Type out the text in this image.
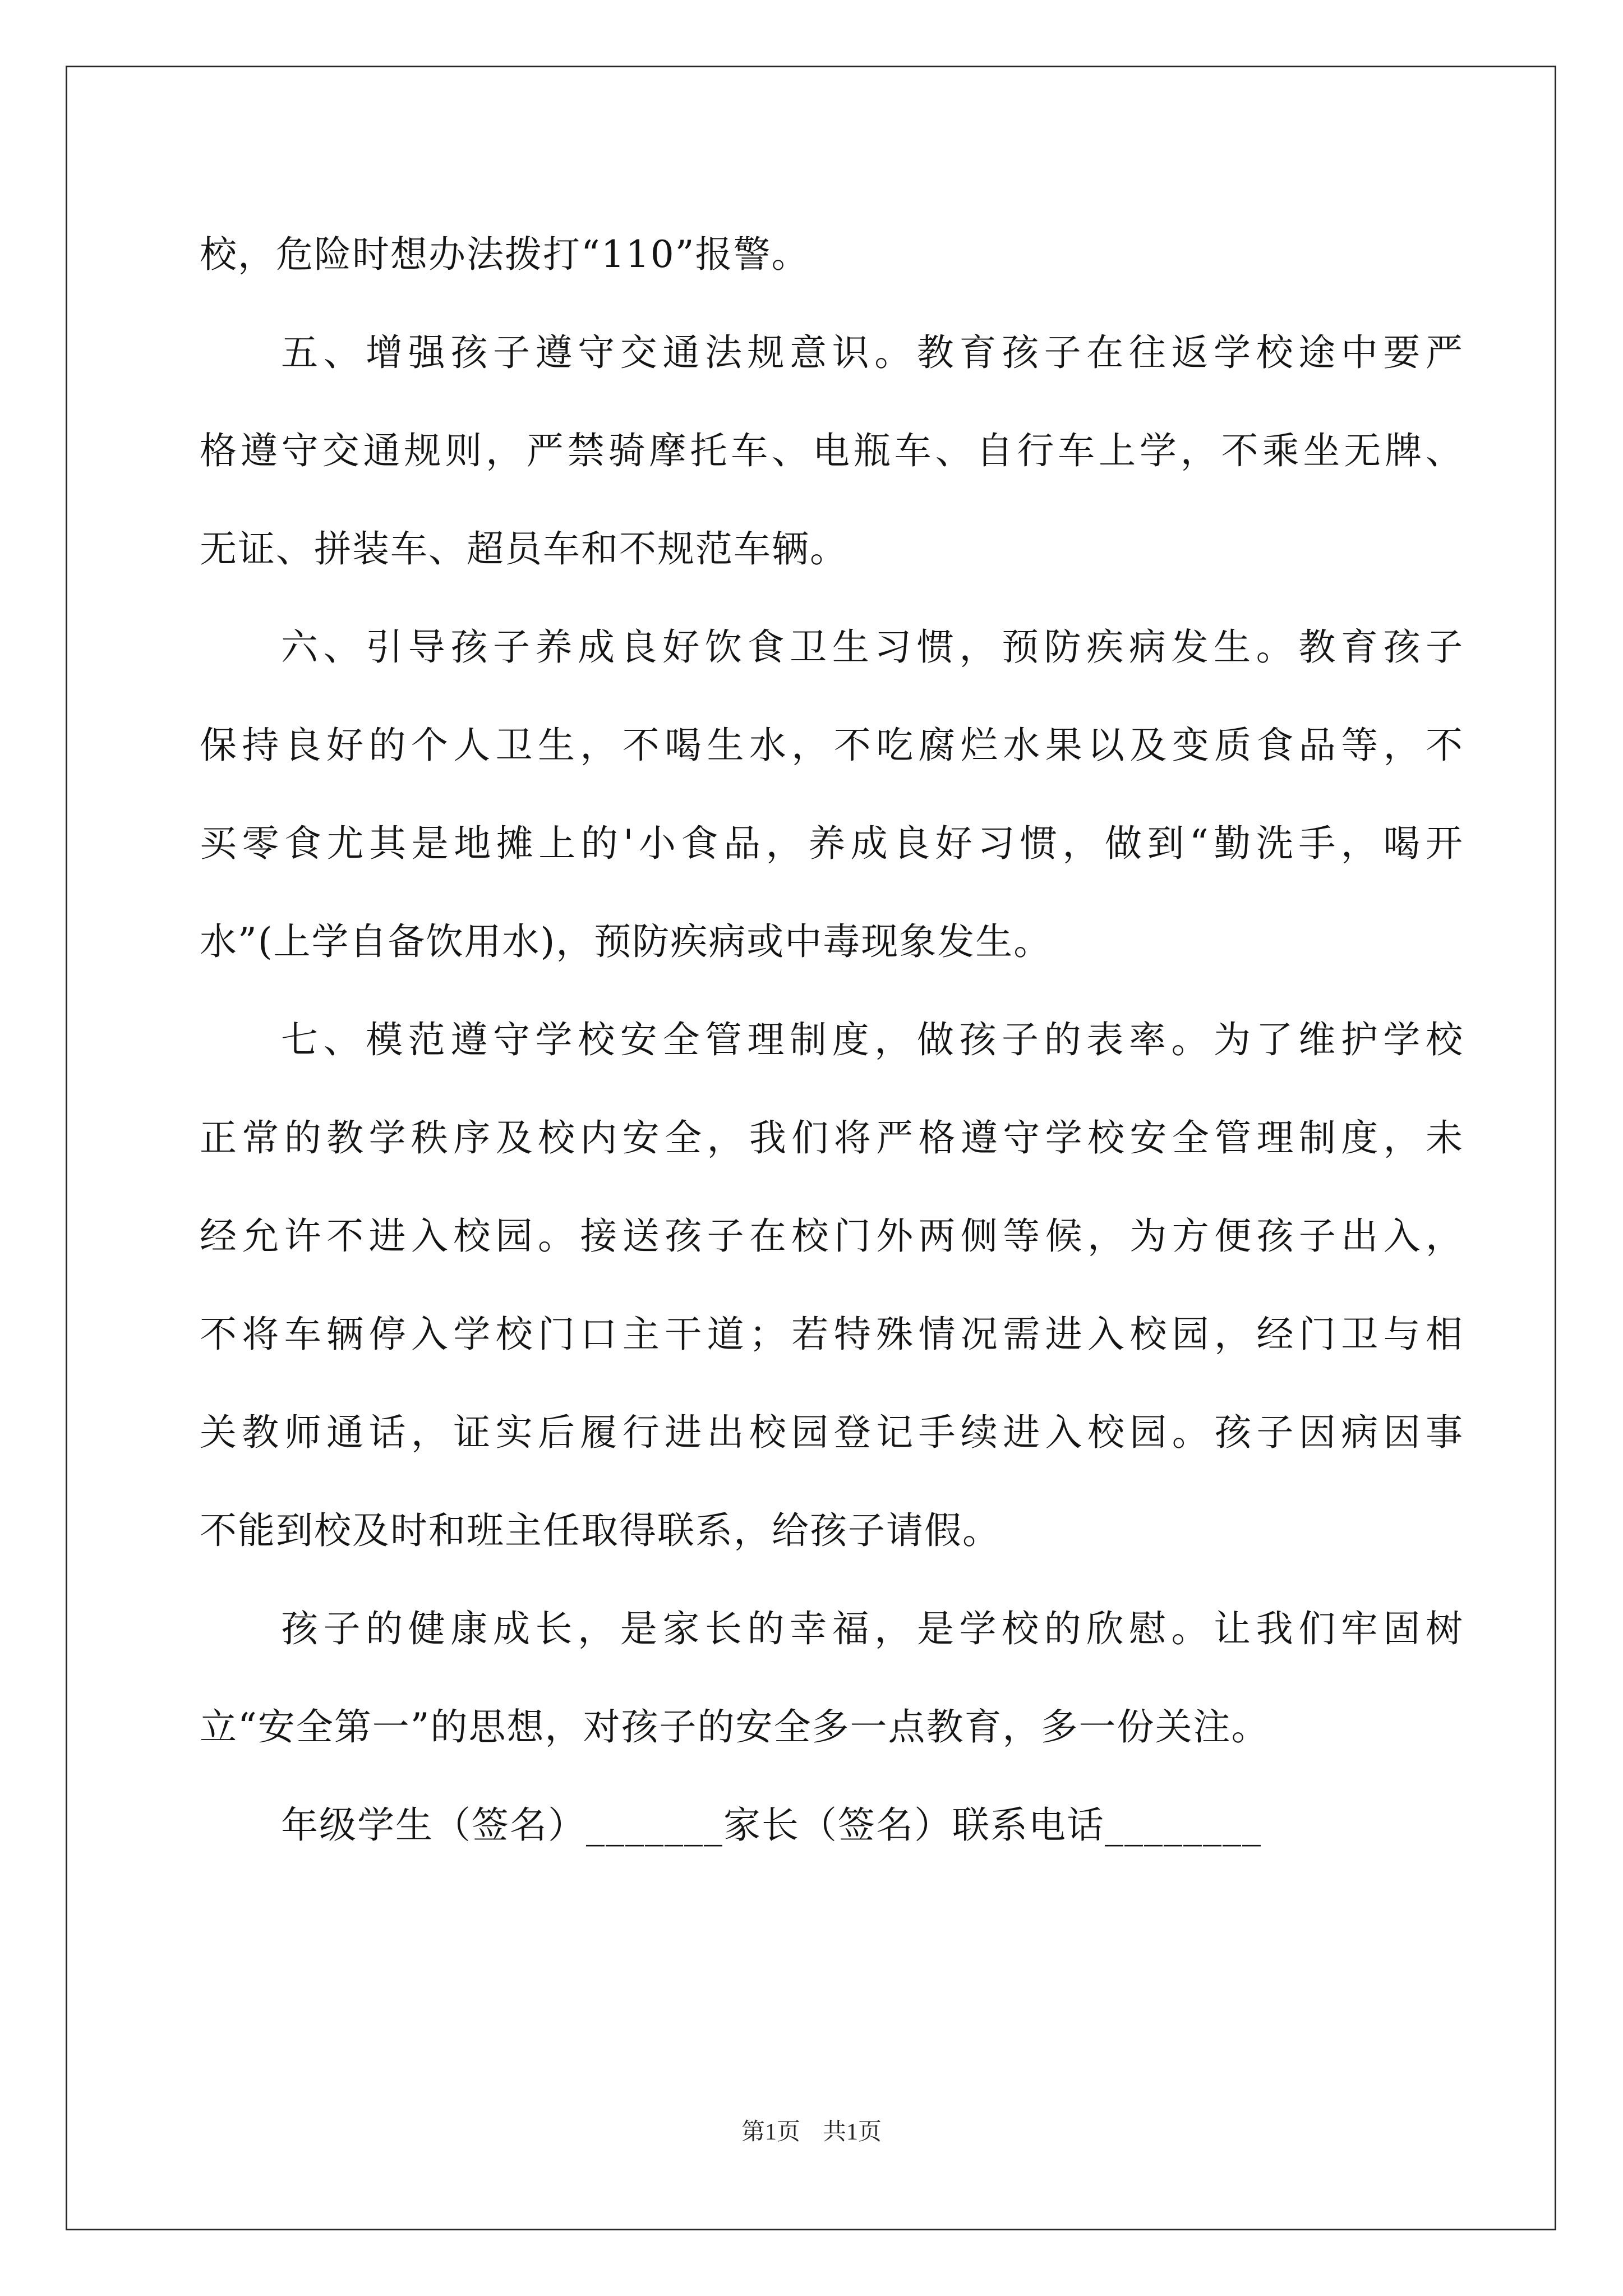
校，危险时想办法拨打“110”报警。
五、增强孩子遵守交通法规意识。教育孩子在往返学校途中要严
格遵守交通规则，严禁骑摩托车、电瓶车、自行车上学，不乘坐无牌、
无证、拼装车、超员车和不规范车辆。
六、引导孩子养成良好饮食卫生习惯，预防疾病发生。教育孩子
保持良好的个人卫生，不喝生水，不吃腐烂水果以及变质食品等，不
买零食尤其是地摊上的'小食品，养成良好习惯，做到“勤洗手，喝开
水”(上学自备饮用水)，预防疾病或中毒现象发生。
七、模范遵守学校安全管理制度，做孩子的表率。为了维护学校
正常的教学秩序及校内安全，我们将严格遵守学校安全管理制度，未
经允许不进入校园。接送孩子在校门外两侧等候，为方便孩子出入，
不将车辆停入学校门口主干道；若特殊情况需进入校园，经门卫与相
关教师通话，证实后履行进出校园登记手续进入校园。孩子因病因事
不能到校及时和班主任取得联系，给孩子请假。
孩子的健康成长，是家长的幸福，是学校的欣慰。让我们牢固树
立“安全第一”的思想，对孩子的安全多一点教育，多一份关注。
年级学生（签名）_______家长（签名）联系电话________
第1页 共1页
